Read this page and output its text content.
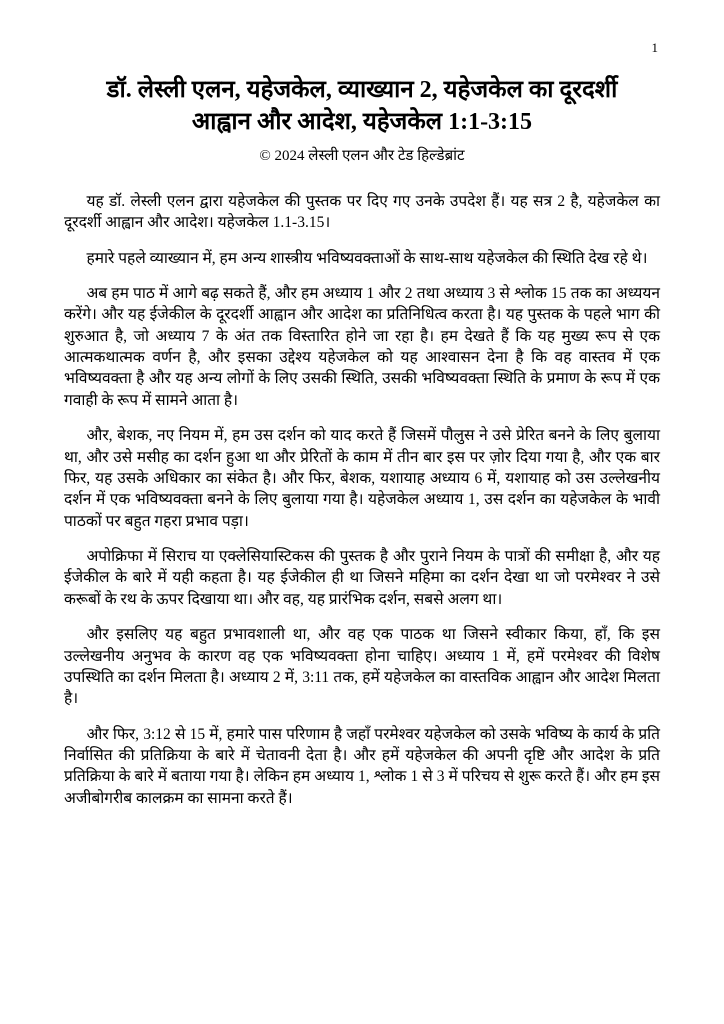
1
डॉ. लेस्ली एलन, यहेजकेल, व्याख्यान 2, यहेजकेल का दूरदर्शी आह्वान और आदेश, यहेजकेल 1:1-3:15
© 2024 लेस्ली एलन और टेड हिल्डेब्रांट

यह डॉ. लेस्ली एलन द्वारा यहेजकेल की पुस्तक पर दिए गए उनके उपदेश हैं। यह सत्र 2 है, यहेजकेल का दूरदर्शी आह्वान और आदेश। यहेजकेल 1.1-3.15।

हमारे पहले व्याख्यान में, हम अन्य शास्त्रीय भविष्यवक्ताओं के साथ-साथ यहेजकेल की स्थिति देख रहे थे।

अब हम पाठ में आगे बढ़ सकते हैं, और हम अध्याय 1 और 2 तथा अध्याय 3 से श्लोक 15 तक का अध्ययन करेंगे। और यह ईजेकील के दूरदर्शी आह्वान और आदेश का प्रतिनिधित्व करता है। यह पुस्तक के पहले भाग की शुरुआत है, जो अध्याय 7 के अंत तक विस्तारित होने जा रहा है। हम देखते हैं कि यह मुख्य रूप से एक आत्मकथात्मक वर्णन है, और इसका उद्देश्य यहेजकेल को यह आश्वासन देना है कि वह वास्तव में एक भविष्यवक्ता है और यह अन्य लोगों के लिए उसकी स्थिति, उसकी भविष्यवक्ता स्थिति के प्रमाण के रूप में एक गवाही के रूप में सामने आता है।

और, बेशक, नए नियम में, हम उस दर्शन को याद करते हैं जिसमें पौलुस ने उसे प्रेरित बनने के लिए बुलाया था, और उसे मसीह का दर्शन हुआ था और प्रेरितों के काम में तीन बार इस पर ज़ोर दिया गया है, और एक बार फिर, यह उसके अधिकार का संकेत है। और फिर, बेशक, यशायाह अध्याय 6 में, यशायाह को उस उल्लेखनीय दर्शन में एक भविष्यवक्ता बनने के लिए बुलाया गया है। यहेजकेल अध्याय 1, उस दर्शन का यहेजकेल के भावी पाठकों पर बहुत गहरा प्रभाव पड़ा।

अपोक्रिफा में सिराच या एक्लेसियास्टिकस की पुस्तक है और पुराने नियम के पात्रों की समीक्षा है, और यह ईजेकील के बारे में यही कहता है। यह ईजेकील ही था जिसने महिमा का दर्शन देखा था जो परमेश्वर ने उसे करूबों के रथ के ऊपर दिखाया था। और वह, यह प्रारंभिक दर्शन, सबसे अलग था।

और इसलिए यह बहुत प्रभावशाली था, और वह एक पाठक था जिसने स्वीकार किया, हाँ, कि इस उल्लेखनीय अनुभव के कारण वह एक भविष्यवक्ता होना चाहिए। अध्याय 1 में, हमें परमेश्वर की विशेष उपस्थिति का दर्शन मिलता है। अध्याय 2 में, 3:11 तक, हमें यहेजकेल का वास्तविक आह्वान और आदेश मिलता है।

और फिर, 3:12 से 15 में, हमारे पास परिणाम है जहाँ परमेश्वर यहेजकेल को उसके भविष्य के कार्य के प्रति निर्वासित की प्रतिक्रिया के बारे में चेतावनी देता है। और हमें यहेजकेल की अपनी दृष्टि और आदेश के प्रति प्रतिक्रिया के बारे में बताया गया है। लेकिन हम अध्याय 1, श्लोक 1 से 3 में परिचय से शुरू करते हैं। और हम इस अजीबोगरीब कालक्रम का सामना करते हैं।
